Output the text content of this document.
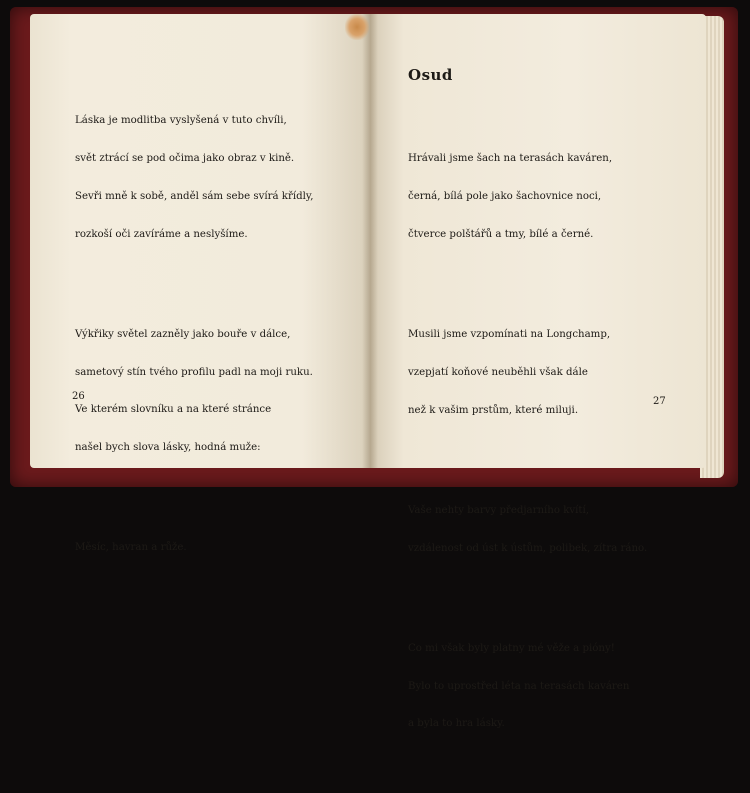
Láska je modlitba vyslyšená v tuto chvíli,

svět ztrácí se pod očima jako obraz v kině.

Sevři mně k sobě, anděl sám sebe svírá křídly,

rozkoší oči zavíráme a neslyšíme.

Výkřiky světel zazněly jako bouře v dálce,

sametový stín tvého profilu padl na moji ruku.

Ve kterém slovníku a na které stránce

našel bych slova lásky, hodná muže:

Měsíc, havran a růže.

Osud

Hrávali jsme šach na terasách kaváren,

černá, bílá pole jako šachovnice noci,

čtverce polštářů a tmy, bílé a černé.

Musili jsme vzpomínati na Longchamp,

vzepjatí koňové neuběhli však dále

než k vašim prstům, které miluji.

Vaše nehty barvy předjarního kvítí,

vzdálenost od úst k ústům, polibek, zítra ráno.

Co mi však byly platny mé věže a pióny!

Bylo to uprostřed léta na terasách kaváren

a byla to hra lásky.

26	27
